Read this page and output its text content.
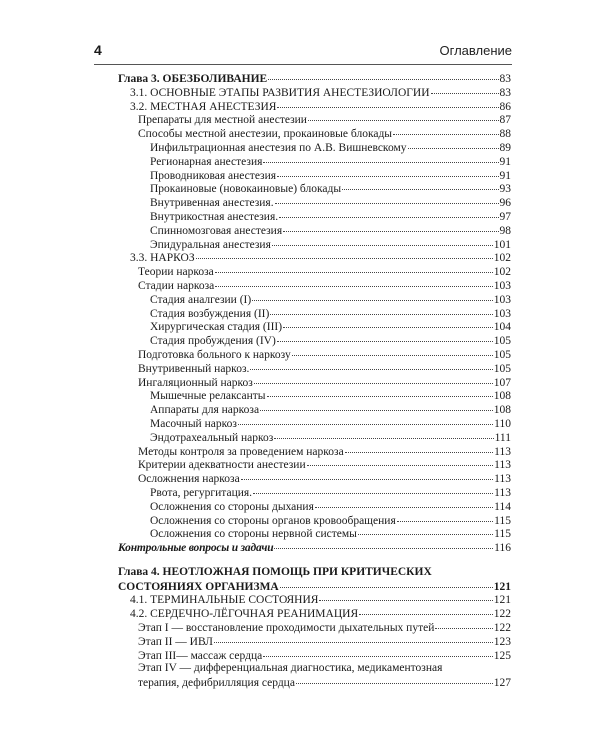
4	Оглавление
Глава 3. ОБЕЗБОЛИВАНИЕ	83
3.1. ОСНОВНЫЕ ЭТАПЫ РАЗВИТИЯ АНЕСТЕЗИОЛОГИИ	83
3.2. МЕСТНАЯ АНЕСТЕЗИЯ	86
Препараты для местной анестезии	87
Способы местной анестезии, прокаиновые блокады	88
Инфильтрационная анестезия по А.В. Вишневскому	89
Регионарная анестезия	91
Проводниковая анестезия	91
Прокаиновые (новокаиновые) блокады	93
Внутривенная анестезия.	96
Внутрикостная анестезия.	97
Спинномозговая анестезия	98
Эпидуральная анестезия	101
3.3. НАРКОЗ	102
Теории наркоза	102
Стадии наркоза	103
Стадия аналгезии (I)	103
Стадия возбуждения (II)	103
Хирургическая стадия (III)	104
Стадия пробуждения (IV)	105
Подготовка больного к наркозу	105
Внутривенный наркоз.	105
Ингаляционный наркоз	107
Мышечные релаксанты	108
Аппараты для наркоза	108
Масочный наркоз	110
Эндотрахеальный наркоз	111
Методы контроля за проведением наркоза	113
Критерии адекватности анестезии	113
Осложнения наркоза	113
Рвота, регургитация.	113
Осложнения со стороны дыхания	114
Осложнения со стороны органов кровообращения	115
Осложнения со стороны нервной системы	115
Контрольные вопросы и задачи	116
Глава 4. НЕОТЛОЖНАЯ ПОМОЩЬ ПРИ КРИТИЧЕСКИХ
СОСТОЯНИЯХ ОРГАНИЗМА	121
4.1. ТЕРМИНАЛЬНЫЕ СОСТОЯНИЯ	121
4.2. СЕРДЕЧНО-ЛЁГОЧНАЯ РЕАНИМАЦИЯ	122
Этап I — восстановление проходимости дыхательных путей	122
Этап II — ИВЛ	123
Этап III— массаж сердца	125
Этап IV — дифференциальная диагностика, медикаментозная
терапия, дефибрилляция сердца	127
